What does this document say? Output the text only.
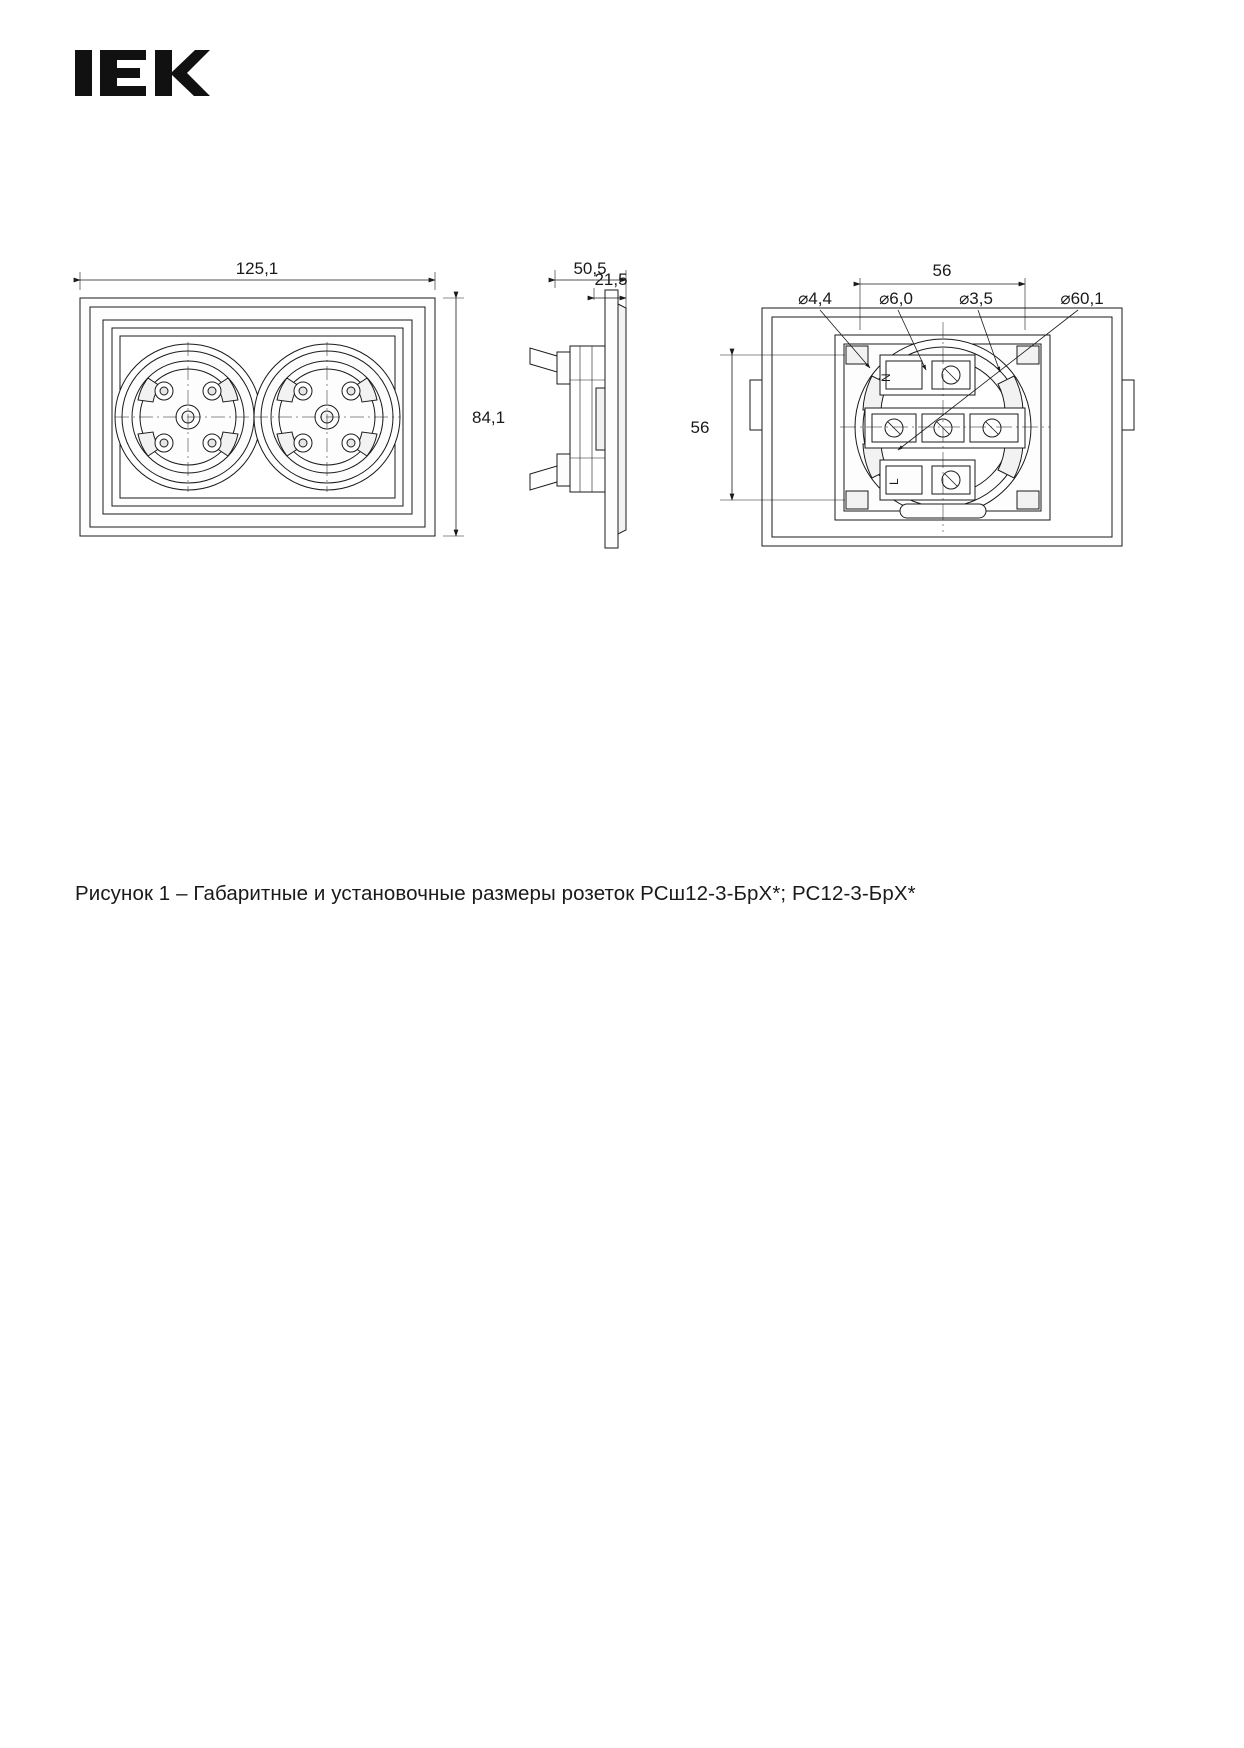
125,1
84,1
50,5
21,5	56
56
⌀4,4	⌀6,0	⌀3,5	⌀60,1
N
L
Рисунок 1 – Габаритные и установочные размеры розеток РСш12-3-БрХ*; РС12-3-БрХ*
